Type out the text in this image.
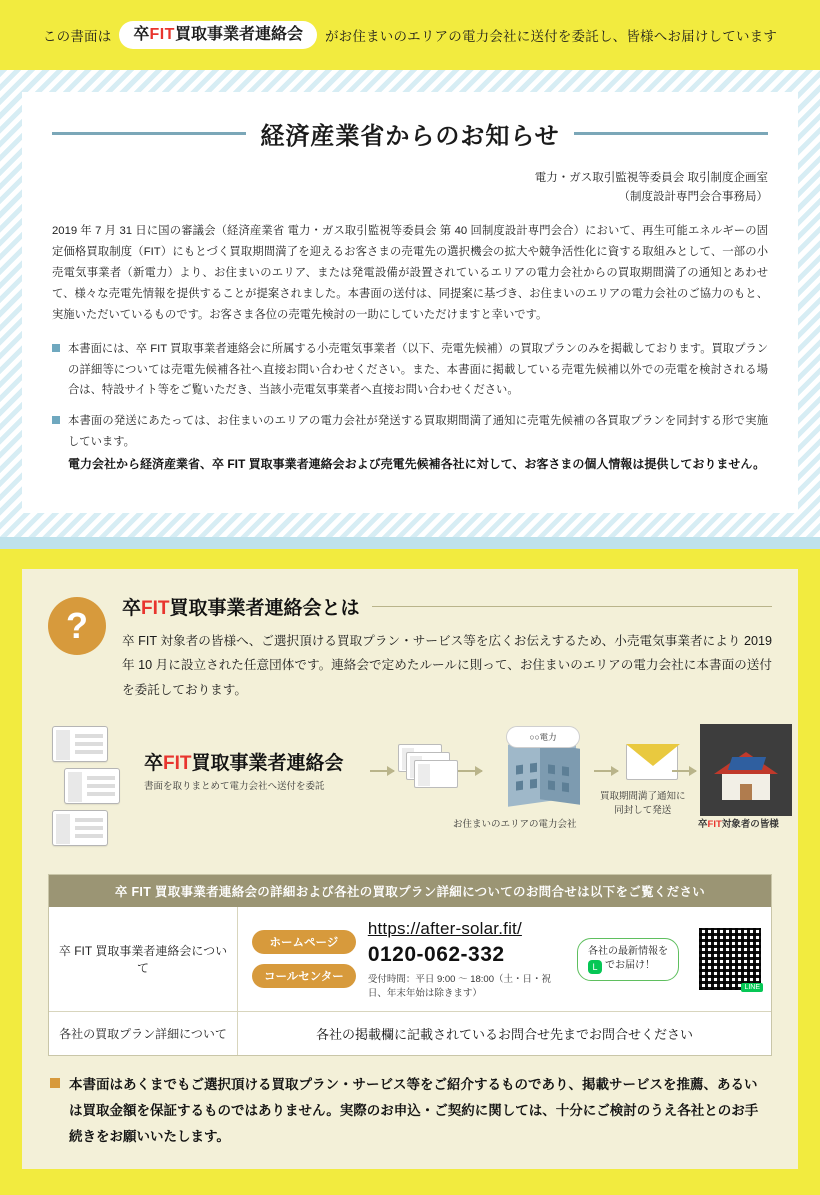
この書面は	卒FIT買取事業者連絡会	がお住まいのエリアの電力会社に送付を委託し、皆様へお届けしています
経済産業省からのお知らせ
電力・ガス取引監視等委員会 取引制度企画室
（制度設計専門会合事務局）
2019 年 7 月 31 日に国の審議会（経済産業省 電力・ガス取引監視等委員会 第 40 回制度設計専門会合）において、再生可能エネルギーの固定価格買取制度（FIT）にもとづく買取期間満了を迎えるお客さまの売電先の選択機会の拡大や競争活性化に資する取組みとして、一部の小売電気事業者（新電力）より、お住まいのエリア、または発電設備が設置されているエリアの電力会社からの買取期間満了の通知とあわせて、様々な売電先情報を提供することが提案されました。本書面の送付は、同提案に基づき、お住まいのエリアの電力会社のご協力のもと、実施いただいているものです。お客さま各位の売電先検討の一助にしていただけますと幸いです。
本書面には、卒 FIT 買取事業者連絡会に所属する小売電気事業者（以下、売電先候補）の買取プランのみを掲載しております。買取プランの詳細等については売電先候補各社へ直接お問い合わせください。また、本書面に掲載している売電先候補以外での売電を検討される場合は、特設サイト等をご覧いただき、当該小売電気事業者へ直接お問い合わせください。
本書面の発送にあたっては、お住まいのエリアの電力会社が発送する買取期間満了通知に売電先候補の各買取プランを同封する形で実施しています。
電力会社から経済産業省、卒 FIT 買取事業者連絡会および売電先候補各社に対して、お客さまの個人情報は提供しておりません。
?	卒FIT買取事業者連絡会とは
卒 FIT 対象者の皆様へ、ご選択頂ける買取プラン・サービス等を広くお伝えするため、小売電気事業者により 2019 年 10 月に設立された任意団体です。連絡会で定めたルールに則って、お住まいのエリアの電力会社に本書面の送付を委託しております。
卒FIT買取事業者連絡会
書面を取りまとめて電力会社へ送付を委託
○○電力
お住まいのエリアの電力会社
買取期間満了通知に
同封して発送
卒FIT対象者の皆様
卒 FIT 買取事業者連絡会の詳細および各社の買取プラン詳細についてのお問合せは以下をご覧ください
卒 FIT 買取事業者連絡会について
ホームページ
コールセンター
https://after-solar.fit/
0120-062-332
受付時間：平日 9:00 〜 18:00（土・日・祝日、年末年始は除きます）
各社の最新情報を
L でお届け！
LINE
各社の買取プラン詳細について	各社の掲載欄に記載されているお問合せ先までお問合せください
本書面はあくまでもご選択頂ける買取プラン・サービス等をご紹介するものであり、掲載サービスを推薦、あるいは買取金額を保証するものではありません。実際のお申込・ご契約に関しては、十分にご検討のうえ各社とのお手続きをお願いいたします。
